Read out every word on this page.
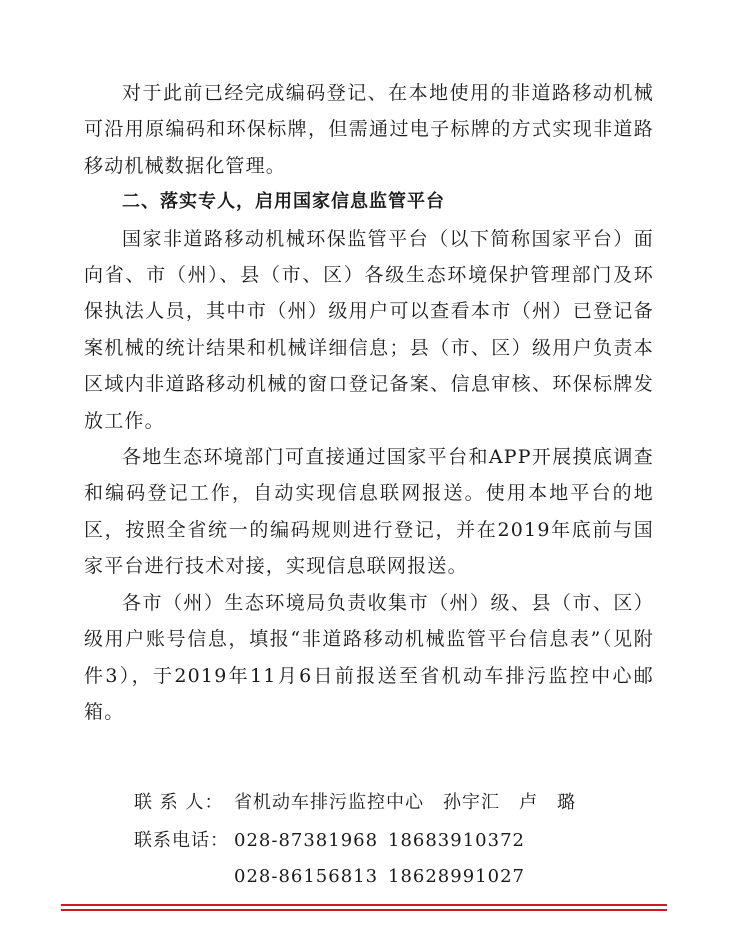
对于此前已经完成编码登记、在本地使用的非道路移动机械可沿用原编码和环保标牌，但需通过电子标牌的方式实现非道路移动机械数据化管理。

二、落实专人，启用国家信息监管平台

国家非道路移动机械环保监管平台（以下简称国家平台）面向省、市（州）、县（市、区）各级生态环境保护管理部门及环保执法人员，其中市（州）级用户可以查看本市（州）已登记备案机械的统计结果和机械详细信息；县（市、区）级用户负责本区域内非道路移动机械的窗口登记备案、信息审核、环保标牌发放工作。

各地生态环境部门可直接通过国家平台和APP开展摸底调查和编码登记工作，自动实现信息联网报送。使用本地平台的地区，按照全省统一的编码规则进行登记，并在2019年底前与国家平台进行技术对接，实现信息联网报送。

各市（州）生态环境局负责收集市（州）级、县（市、区）级用户账号信息，填报“非道路移动机械监管平台信息表”（见附件3），于2019年11月6日前报送至省机动车排污监控中心邮箱。

联 系 人： 省机动车排污监控中心　孙宇汇　卢　璐
联系电话： 028-87381968 18683910372
028-86156813 18628991027
